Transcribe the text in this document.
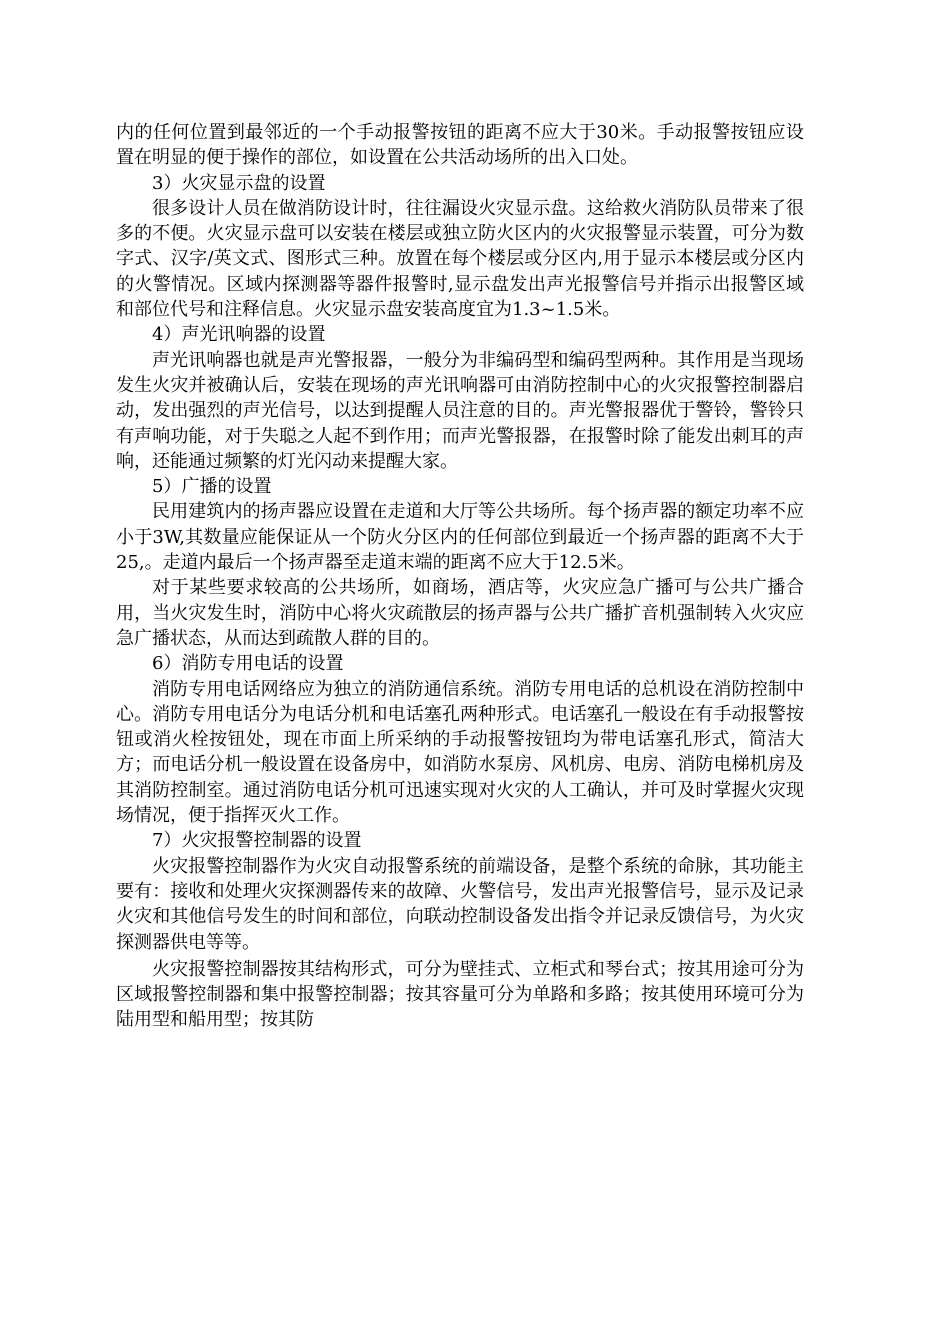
内的任何位置到最邻近的一个手动报警按钮的距离不应大于30米。手动报警按钮应设置在明显的便于操作的部位，如设置在公共活动场所的出入口处。

3）火灾显示盘的设置

很多设计人员在做消防设计时，往往漏设火灾显示盘。这给救火消防队员带来了很多的不便。火灾显示盘可以安装在楼层或独立防火区内的火灾报警显示装置，可分为数字式、汉字/英文式、图形式三种。放置在每个楼层或分区内,用于显示本楼层或分区内的火警情况。区域内探测器等器件报警时,显示盘发出声光报警信号并指示出报警区域和部位代号和注释信息。火灾显示盘安装高度宜为1.3~1.5米。

4）声光讯响器的设置

声光讯响器也就是声光警报器，一般分为非编码型和编码型两种。其作用是当现场发生火灾并被确认后，安装在现场的声光讯响器可由消防控制中心的火灾报警控制器启动，发出强烈的声光信号，以达到提醒人员注意的目的。声光警报器优于警铃，警铃只有声响功能，对于失聪之人起不到作用；而声光警报器，在报警时除了能发出刺耳的声响，还能通过频繁的灯光闪动来提醒大家。

5）广播的设置

民用建筑内的扬声器应设置在走道和大厅等公共场所。每个扬声器的额定功率不应小于3W,其数量应能保证从一个防火分区内的任何部位到最近一个扬声器的距离不大于25,。走道内最后一个扬声器至走道末端的距离不应大于12.5米。

对于某些要求较高的公共场所，如商场，酒店等，火灾应急广播可与公共广播合用，当火灾发生时，消防中心将火灾疏散层的扬声器与公共广播扩音机强制转入火灾应急广播状态，从而达到疏散人群的目的。

6）消防专用电话的设置

消防专用电话网络应为独立的消防通信系统。消防专用电话的总机设在消防控制中心。消防专用电话分为电话分机和电话塞孔两种形式。电话塞孔一般设在有手动报警按钮或消火栓按钮处，现在市面上所采纳的手动报警按钮均为带电话塞孔形式，简洁大方；而电话分机一般设置在设备房中，如消防水泵房、风机房、电房、消防电梯机房及其消防控制室。通过消防电话分机可迅速实现对火灾的人工确认，并可及时掌握火灾现场情况，便于指挥灭火工作。

7）火灾报警控制器的设置

火灾报警控制器作为火灾自动报警系统的前端设备，是整个系统的命脉，其功能主要有：接收和处理火灾探测器传来的故障、火警信号，发出声光报警信号，显示及记录火灾和其他信号发生的时间和部位，向联动控制设备发出指令并记录反馈信号，为火灾探测器供电等等。

火灾报警控制器按其结构形式，可分为壁挂式、立柜式和琴台式；按其用途可分为区域报警控制器和集中报警控制器；按其容量可分为单路和多路；按其使用环境可分为陆用型和船用型；按其防
